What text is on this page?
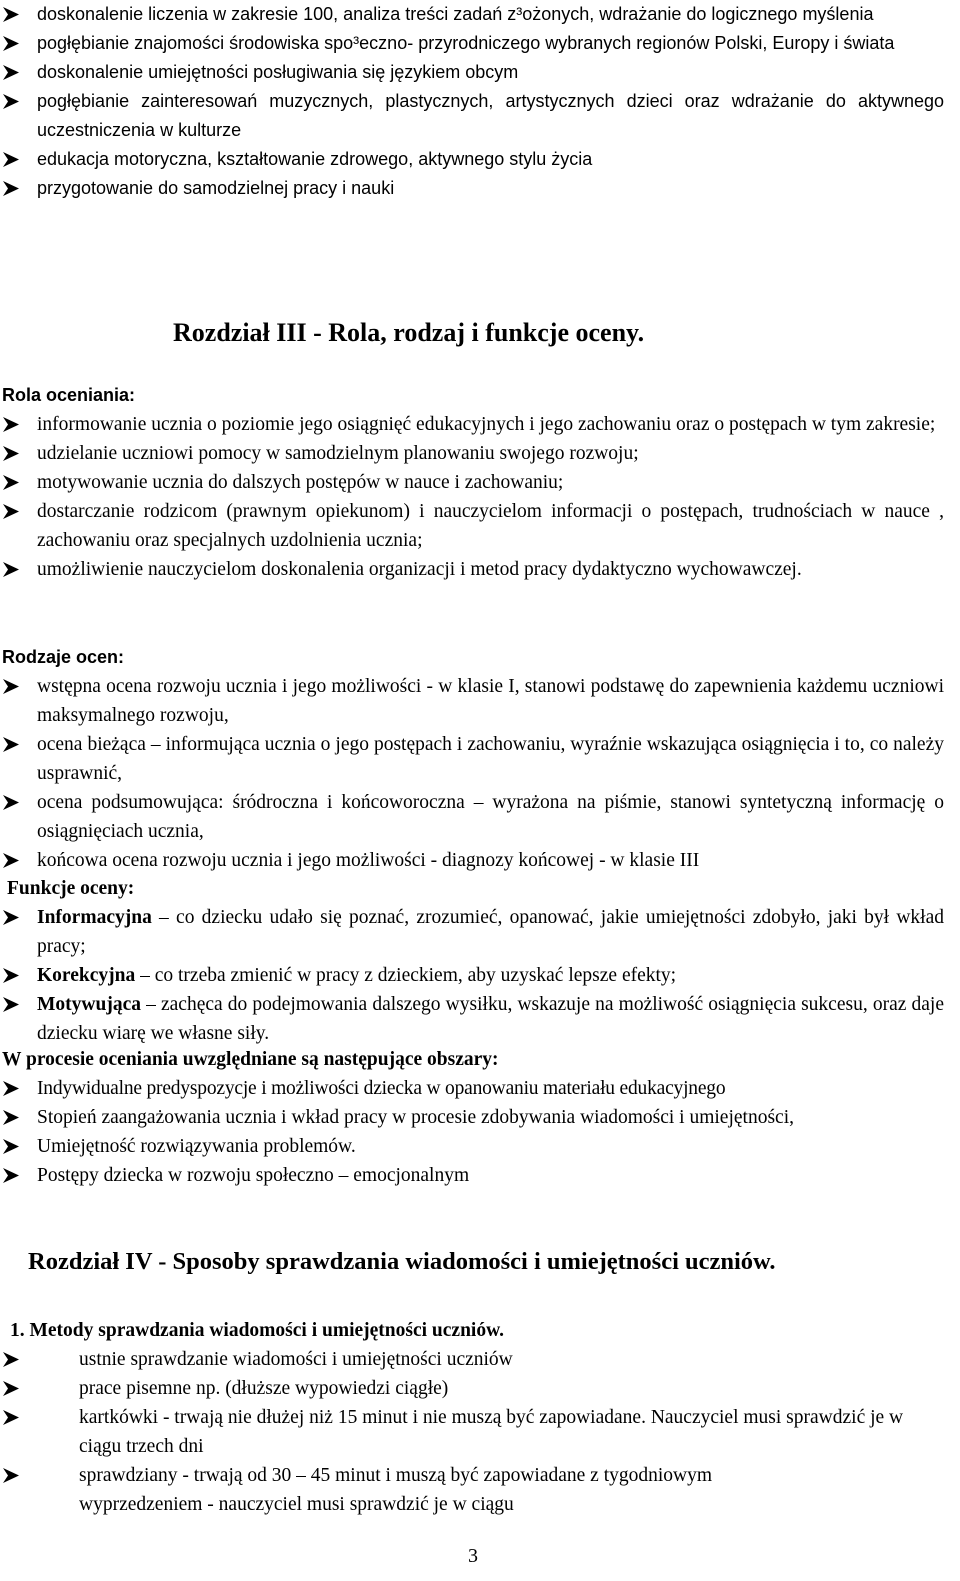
doskonalenie liczenia w zakresie 100, analiza treści zadań z³ożonych, wdrażanie do logicznego myślenia
pogłębianie znajomości środowiska spo³eczno- przyrodniczego wybranych regionów Polski, Europy i świata
doskonalenie umiejętności posługiwania się językiem obcym
pogłębianie zainteresowań muzycznych, plastycznych, artystycznych dzieci oraz wdrażanie do aktywnego uczestniczenia w kulturze
edukacja motoryczna, kształtowanie zdrowego, aktywnego stylu życia
przygotowanie do samodzielnej pracy i nauki
Rozdział III - Rola, rodzaj i funkcje oceny.
Rola oceniania:
informowanie ucznia o poziomie jego osiągnięć edukacyjnych i jego zachowaniu oraz o postępach w tym zakresie;
udzielanie uczniowi pomocy w samodzielnym planowaniu swojego rozwoju;
motywowanie ucznia do dalszych postępów w nauce i zachowaniu;
dostarczanie rodzicom (prawnym opiekunom) i nauczycielom informacji o postępach, trudnościach w nauce , zachowaniu oraz specjalnych uzdolnienia ucznia;
umożliwienie nauczycielom doskonalenia organizacji i metod pracy dydaktyczno wychowawczej.
Rodzaje ocen:
wstępna ocena rozwoju ucznia i jego możliwości - w klasie I, stanowi podstawę do zapewnienia każdemu uczniowi maksymalnego rozwoju,
ocena bieżąca – informująca ucznia o jego postępach i zachowaniu, wyraźnie wskazująca osiągnięcia i to, co należy usprawnić,
ocena podsumowująca: śródroczna i końcoworoczna – wyrażona na piśmie, stanowi syntetyczną informację o osiągnięciach ucznia,
końcowa ocena rozwoju ucznia i jego możliwości - diagnozy końcowej - w klasie III
Funkcje oceny:
Informacyjna – co dziecku udało się poznać, zrozumieć, opanować, jakie umiejętności zdobyło, jaki był wkład pracy;
Korekcyjna – co trzeba zmienić w pracy z dzieckiem, aby uzyskać lepsze efekty;
Motywująca – zachęca do podejmowania dalszego wysiłku, wskazuje na możliwość osiągnięcia sukcesu, oraz daje dziecku wiarę we własne siły.
W procesie oceniania uwzględniane są następujące obszary:
Indywidualne predyspozycje i możliwości dziecka w opanowaniu materiału edukacyjnego
Stopień zaangażowania ucznia i wkład pracy w procesie zdobywania wiadomości i umiejętności,
Umiejętność rozwiązywania problemów.
Postępy dziecka w rozwoju społeczno – emocjonalnym
Rozdział IV - Sposoby sprawdzania wiadomości i umiejętności uczniów.
1. Metody sprawdzania wiadomości i umiejętności uczniów.
ustnie sprawdzanie wiadomości i umiejętności uczniów
prace pisemne np. (dłuższe wypowiedzi ciągłe)
kartkówki - trwają nie dłużej niż 15 minut i nie muszą być zapowiadane. Nauczyciel musi sprawdzić je w ciągu trzech dni
sprawdziany - trwają od 30 – 45 minut i muszą być zapowiadane z tygodniowym wyprzedzeniem - nauczyciel musi sprawdzić je w ciągu
3
